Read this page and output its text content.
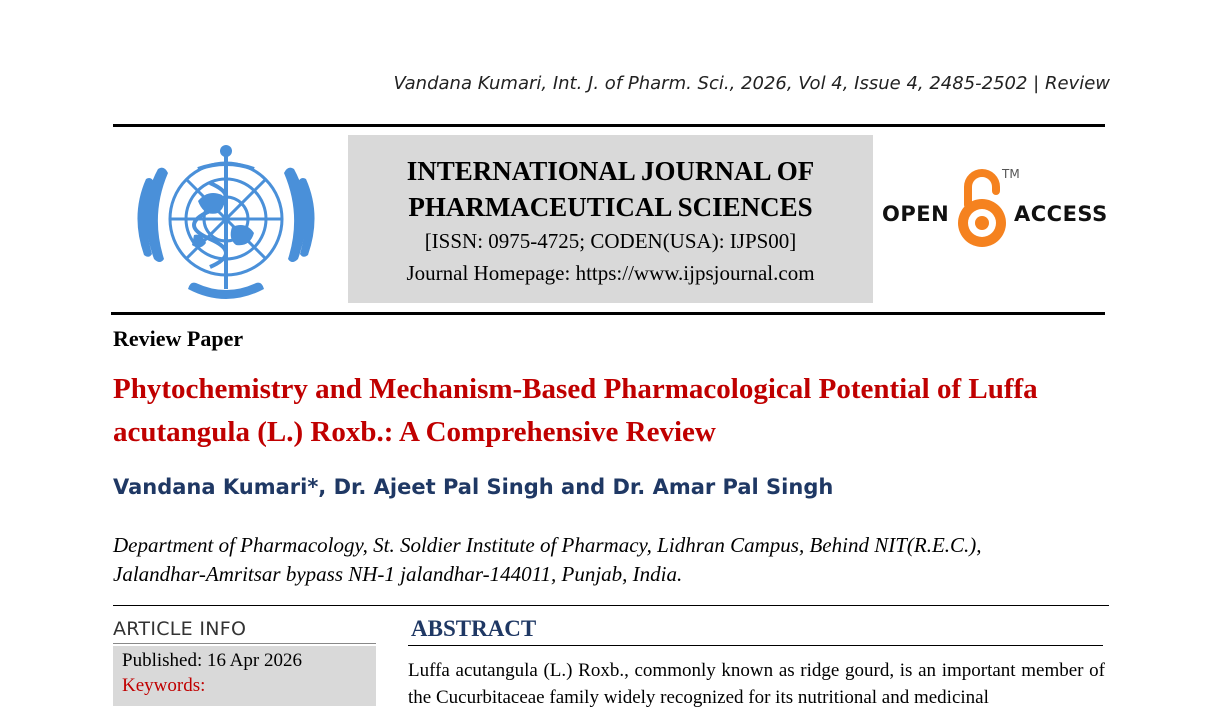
Vandana Kumari, Int. J. of Pharm. Sci., 2026, Vol 4, Issue 4, 2485-2502 | Review
INTERNATIONAL JOURNAL OF
PHARMACEUTICAL SCIENCES
[ISSN: 0975-4725; CODEN(USA): IJPS00]
Journal Homepage: https://www.ijpsjournal.com
OPEN
TM
ACCESS
Review Paper
Phytochemistry and Mechanism-Based Pharmacological Potential of Luffa acutangula (L.) Roxb.: A Comprehensive Review
Vandana Kumari*, Dr. Ajeet Pal Singh and Dr. Amar Pal Singh
Department of Pharmacology, St. Soldier Institute of Pharmacy, Lidhran Campus, Behind NIT(R.E.C.), Jalandhar-Amritsar bypass NH-1 jalandhar-144011, Punjab, India.
ARTICLE INFO
Published: 16 Apr 2026
Keywords:
ABSTRACT
Luffa acutangula (L.) Roxb., commonly known as ridge gourd, is an important member of the Cucurbitaceae family widely recognized for its nutritional and medicinal
